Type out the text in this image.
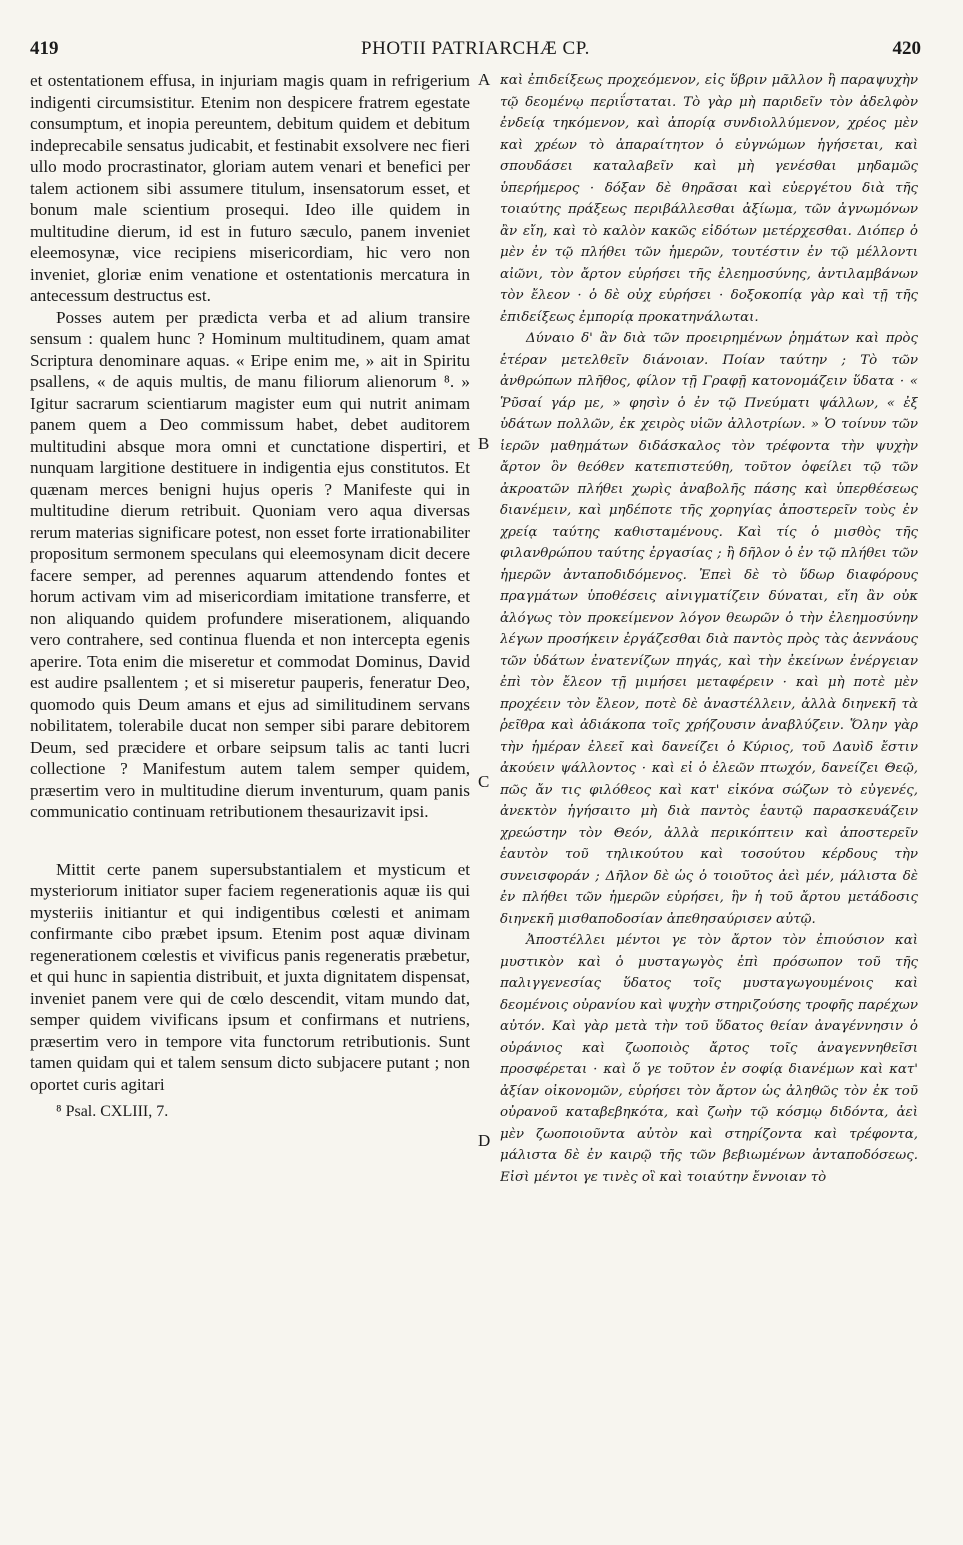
419	PHOTII PATRIARCHÆ CP.	420

et ostentationem effusa, in injuriam magis quam in refrigerium indigenti circumsistitur. Etenim non despicere fratrem egestate consumptum, et inopia pereuntem, debitum quidem et debitum indeprecabile sensatus judicabit, et festinabit exsolvere nec fieri ullo modo procrastinator, gloriam autem venari et benefici per talem actionem sibi assumere titulum, insensatorum esset, et bonum male scientium prosequi. Ideo ille quidem in multitudine dierum, id est in futuro sæculo, panem inveniet eleemosynæ, vice recipiens misericordiam, hic vero non inveniet, gloriæ enim venatione et ostentationis mercatura in antecessum destructus est.

Posses autem per prædicta verba et ad alium transire sensum : qualem hunc ? Hominum multitudinem, quam amat Scriptura denominare aquas. « Eripe enim me, » ait in Spiritu psallens, « de aquis multis, de manu filiorum alienorum ⁸. » Igitur sacrarum scientiarum magister eum qui nutrit animam panem quem a Deo commissum habet, debet auditorem multitudini absque mora omni et cunctatione dispertiri, et nunquam largitione destituere in indigentia ejus constitutos. Et quænam merces benigni hujus operis ? Manifeste qui in multitudine dierum retribuit. Quoniam vero aqua diversas rerum materias significare potest, non esset forte irrationabiliter propositum sermonem speculans qui eleemosynam dicit decere facere semper, ad perennes aquarum attendendo fontes et horum activam vim ad misericordiam imitatione transferre, et non aliquando quidem profundere miserationem, aliquando vero contrahere, sed continua fluenda et non intercepta egenis aperire. Tota enim die miseretur et commodat Dominus, David est audire psallentem ; et si miseretur pauperis, feneratur Deo, quomodo quis Deum amans et ejus ad similitudinem servans nobilitatem, tolerabile ducat non semper sibi parare debitorem Deum, sed præcidere et orbare seipsum talis ac tanti lucri collectione ? Manifestum autem talem semper quidem, præsertim vero in multitudine dierum inventurum, quam panis communicatio continuam retributionem thesaurizavit ipsi.

Mittit certe panem supersubstantialem et mysticum et mysteriorum initiator super faciem regenerationis aquæ iis qui mysteriis initiantur et qui indigentibus cœlesti et animam confirmante cibo præbet ipsum. Etenim post aquæ divinam regenerationem cœlestis et vivificus panis regeneratis præbetur, et qui hunc in sapientia distribuit, et juxta dignitatem dispensat, inveniet panem vere qui de cœlo descendit, vitam mundo dat, semper quidem vivificans ipsum et confirmans et nutriens, præsertim vero in tempore vita functorum retributionis. Sunt tamen quidam qui et talem sensum dicto subjacere putant ; non oportet curis agitari

⁸ Psal. CXLIII, 7.
A
B
C
D

καὶ ἐπιδείξεως προχεόμενον, εἰς ὕβριν μᾶλλον ἢ παραψυχὴν τῷ δεομένῳ περιΐσταται. Τὸ γὰρ μὴ παριδεῖν τὸν ἀδελφὸν ἐνδείᾳ τηκόμενον, καὶ ἀπορίᾳ συνδιολλύμενον, χρέος μὲν καὶ χρέων τὸ ἀπαραίτητον ὁ εὐγνώμων ἡγήσεται, καὶ σπουδάσει καταλαβεῖν καὶ μὴ γενέσθαι μηδαμῶς ὑπερήμερος · δόξαν δὲ θηρᾶσαι καὶ εὐεργέτου διὰ τῆς τοιαύτης πράξεως περιβάλλεσθαι ἀξίωμα, τῶν ἀγνωμόνων ἂν εἴη, καὶ τὸ καλὸν κακῶς εἰδότων μετέρχεσθαι. Διόπερ ὁ μὲν ἐν τῷ πλήθει τῶν ἡμερῶν, τουτέστιν ἐν τῷ μέλλοντι αἰῶνι, τὸν ἄρτον εὑρήσει τῆς ἐλεημοσύνης, ἀντιλαμβάνων τὸν ἔλεον · ὁ δὲ οὐχ εὑρήσει · δοξοκοπίᾳ γὰρ καὶ τῇ τῆς ἐπιδείξεως ἐμπορίᾳ προκατηνάλωται.

Δύναιο δ' ἂν διὰ τῶν προειρημένων ῥημάτων καὶ πρὸς ἑτέραν μετελθεῖν διάνοιαν. Ποίαν ταύτην ; Τὸ τῶν ἀνθρώπων πλῆθος, φίλον τῇ Γραφῇ κατονομάζειν ὕδατα · « Ῥῦσαί γάρ με, » φησὶν ὁ ἐν τῷ Πνεύματι ψάλλων, « ἐξ ὑδάτων πολλῶν, ἐκ χειρὸς υἱῶν ἀλλοτρίων. » Ὁ τοίνυν τῶν ἱερῶν μαθημάτων διδάσκαλος τὸν τρέφοντα τὴν ψυχὴν ἄρτον ὃν θεόθεν κατεπιστεύθη, τοῦτον ὀφείλει τῷ τῶν ἀκροατῶν πλήθει χωρὶς ἀναβολῆς πάσης καὶ ὑπερθέσεως διανέμειν, καὶ μηδέποτε τῆς χορηγίας ἀποστερεῖν τοὺς ἐν χρείᾳ ταύτης καθισταμένους. Καὶ τίς ὁ μισθὸς τῆς φιλανθρώπου ταύτης ἐργασίας ; ἢ δῆλον ὁ ἐν τῷ πλήθει τῶν ἡμερῶν ἀνταποδιδόμενος. Ἐπεὶ δὲ τὸ ὕδωρ διαφόρους πραγμάτων ὑποθέσεις αἰνιγματίζειν δύναται, εἴη ἂν οὐκ ἀλόγως τὸν προκείμενον λόγον θεωρῶν ὁ τὴν ἐλεημοσύνην λέγων προσήκειν ἐργάζεσθαι διὰ παντὸς πρὸς τὰς ἀεννάους τῶν ὑδάτων ἐνατενίζων πηγάς, καὶ τὴν ἐκείνων ἐνέργειαν ἐπὶ τὸν ἔλεον τῇ μιμήσει μεταφέρειν · καὶ μὴ ποτὲ μὲν προχέειν τὸν ἔλεον, ποτὲ δὲ ἀναστέλλειν, ἀλλὰ διηνεκῆ τὰ ῥεῖθρα καὶ ἀδιάκοπα τοῖς χρήζουσιν ἀναβλύζειν. Ὅλην γὰρ τὴν ἡμέραν ἐλεεῖ καὶ δανείζει ὁ Κύριος, τοῦ Δαυὶδ ἔστιν ἀκούειν ψάλλοντος · καὶ εἰ ὁ ἐλεῶν πτωχόν, δανείζει Θεῷ, πῶς ἄν τις φιλόθεος καὶ κατ' εἰκόνα σώζων τὸ εὐγενές, ἀνεκτὸν ἡγήσαιτο μὴ διὰ παντὸς ἑαυτῷ παρασκευάζειν χρεώστην τὸν Θεόν, ἀλλὰ περικόπτειν καὶ ἀποστερεῖν ἑαυτὸν τοῦ τηλικούτου καὶ τοσούτου κέρδους τὴν συνεισφοράν ; Δῆλον δὲ ὡς ὁ τοιοῦτος ἀεὶ μέν, μάλιστα δὲ ἐν πλήθει τῶν ἡμερῶν εὑρήσει, ἣν ἡ τοῦ ἄρτου μετάδοσις διηνεκῆ μισθαποδοσίαν ἀπεθησαύρισεν αὐτῷ.

Ἀποστέλλει μέντοι γε τὸν ἄρτον τὸν ἐπιούσιον καὶ μυστικὸν καὶ ὁ μυσταγωγὸς ἐπὶ πρόσωπον τοῦ τῆς παλιγγενεσίας ὕδατος τοῖς μυσταγωγουμένοις καὶ δεομένοις οὐρανίου καὶ ψυχὴν στηριζούσης τροφῆς παρέχων αὐτόν. Καὶ γὰρ μετὰ τὴν τοῦ ὕδατος θείαν ἀναγέννησιν ὁ οὐράνιος καὶ ζωοποιὸς ἄρτος τοῖς ἀναγεννηθεῖσι προσφέρεται · καὶ ὅ γε τοῦτον ἐν σοφίᾳ διανέμων καὶ κατ' ἀξίαν οἰκονομῶν, εὑρήσει τὸν ἄρτον ὡς ἀληθῶς τὸν ἐκ τοῦ οὐρανοῦ καταβεβηκότα, καὶ ζωὴν τῷ κόσμῳ διδόντα, ἀεὶ μὲν ζωοποιοῦντα αὐτὸν καὶ στηρίζοντα καὶ τρέφοντα, μάλιστα δὲ ἐν καιρῷ τῆς τῶν βεβιωμένων ἀνταποδόσεως. Εἰσὶ μέντοι γε τινὲς οἳ καὶ τοιαύτην ἔννοιαν τὸ
